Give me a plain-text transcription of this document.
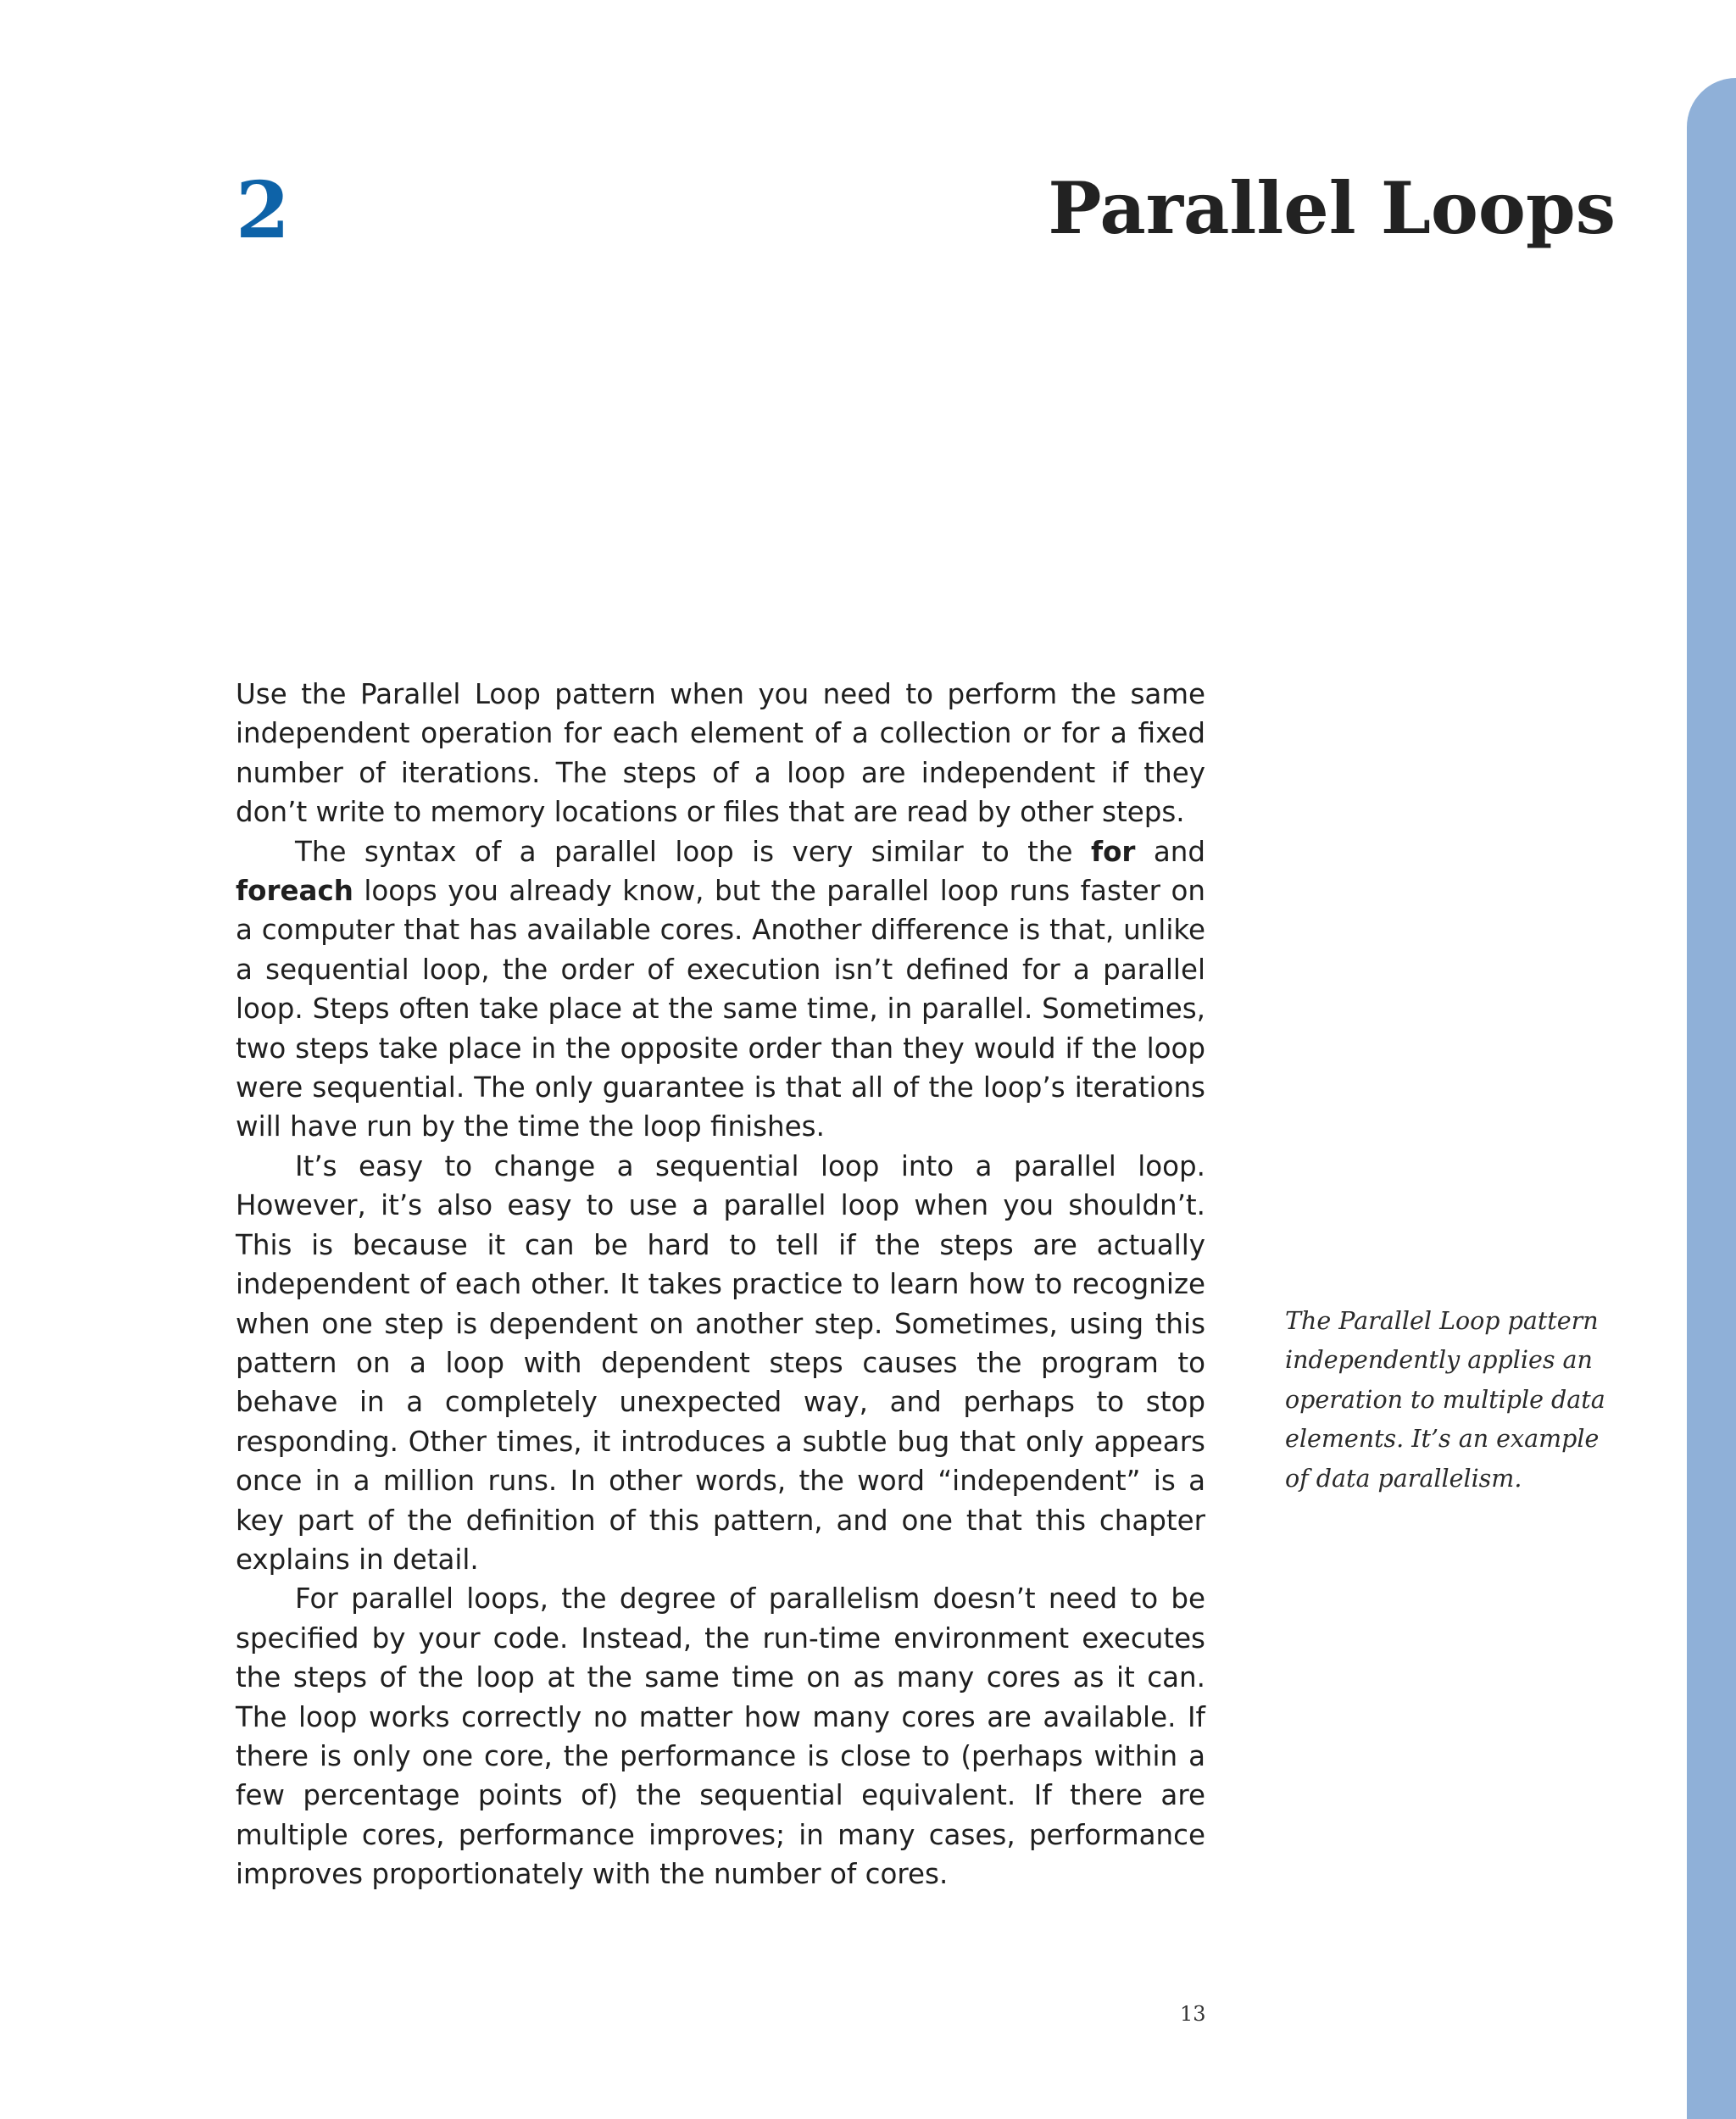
2	Parallel Loops

Use the Parallel Loop pattern when you need to perform the same independent operation for each element of a collection or for a fixed number of iterations. The steps of a loop are independent if they don’t write to memory locations or files that are read by other steps.

The syntax of a parallel loop is very similar to the for and foreach loops you already know, but the parallel loop runs faster on a computer that has available cores. Another difference is that, unlike a sequential loop, the order of execution isn’t defined for a parallel loop. Steps often take place at the same time, in parallel. Sometimes, two steps take place in the opposite order than they would if the loop were sequential. The only guarantee is that all of the loop’s iterations will have run by the time the loop finishes.

It’s easy to change a sequential loop into a parallel loop. However, it’s also easy to use a parallel loop when you shouldn’t. This is because it can be hard to tell if the steps are actually independent of each other. It takes practice to learn how to recognize when one step is dependent on another step. Sometimes, using this pattern on a loop with dependent steps causes the program to behave in a completely unexpected way, and perhaps to stop responding. Other times, it introduces a subtle bug that only appears once in a million runs. In other words, the word “independent” is a key part of the definition of this pattern, and one that this chapter explains in detail.

For parallel loops, the degree of parallelism doesn’t need to be specified by your code. Instead, the run-time environment executes the steps of the loop at the same time on as many cores as it can. The loop works correctly no matter how many cores are available. If there is only one core, the performance is close to (perhaps within a few percentage points of) the sequential equivalent. If there are multiple cores, performance improves; in many cases, performance improves proportionately with the number of cores.

The Parallel Loop pattern
independently applies an
operation to multiple data
elements. It’s an example
of data parallelism.
13
